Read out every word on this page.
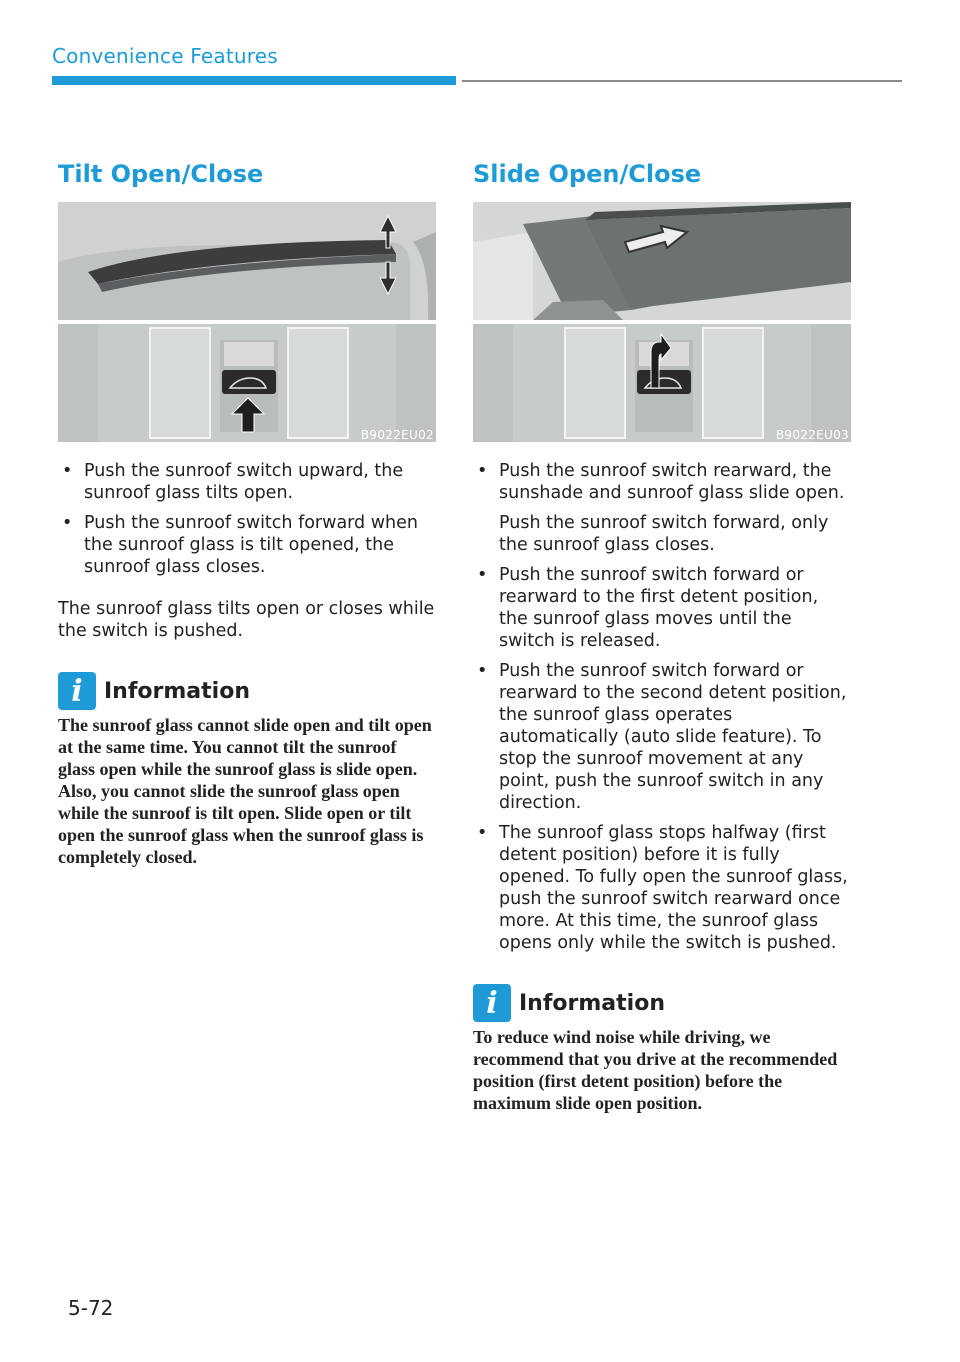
Convenience Features
Tilt Open/Close
B9022EU02
• Push the sunroof switch upward, the sunroof glass tilts open.

• Push the sunroof switch forward when the sunroof glass is tilt opened, the sunroof glass closes.

The sunroof glass tilts open or closes while the switch is pushed.

i Information

The sunroof glass cannot slide open and tilt open at the same time. You cannot tilt the sunroof glass open while the sunroof glass is slide open. Also, you cannot slide the sunroof glass open while the sunroof is tilt open. Slide open or tilt open the sunroof glass when the sunroof glass is completely closed.

Slide Open/Close
B9022EU03
• Push the sunroof switch rearward, the sunshade and sunroof glass slide open.

Push the sunroof switch forward, only the sunroof glass closes.

• Push the sunroof switch forward or rearward to the first detent position, the sunroof glass moves until the switch is released.

• Push the sunroof switch forward or rearward to the second detent position, the sunroof glass operates automatically (auto slide feature). To stop the sunroof movement at any point, push the sunroof switch in any direction.

• The sunroof glass stops halfway (first detent position) before it is fully opened. To fully open the sunroof glass, push the sunroof switch rearward once more. At this time, the sunroof glass opens only while the switch is pushed.

i Information

To reduce wind noise while driving, we recommend that you drive at the recommended position (first detent position) before the maximum slide open position.

5-72
